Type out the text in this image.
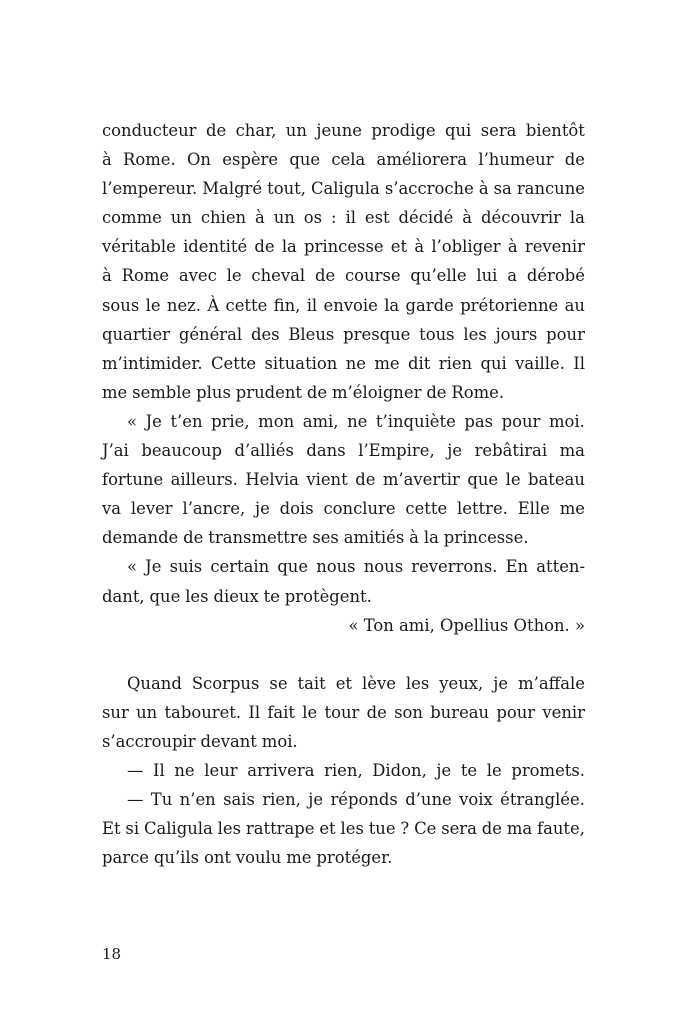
conducteur de char, un jeune prodige qui sera bientôt
à Rome. On espère que cela améliorera l’humeur de
l’empereur. Malgré tout, Caligula s’accroche à sa rancune
comme un chien à un os : il est décidé à découvrir la
véritable identité de la princesse et à l’obliger à revenir
à Rome avec le cheval de course qu’elle lui a dérobé
sous le nez. À cette fin, il envoie la garde prétorienne au
quartier général des Bleus presque tous les jours pour
m’intimider. Cette situation ne me dit rien qui vaille. Il
me semble plus prudent de m’éloigner de Rome.
« Je t’en prie, mon ami, ne t’inquiète pas pour moi.
J’ai beaucoup d’alliés dans l’Empire, je rebâtirai ma
fortune ailleurs. Helvia vient de m’avertir que le bateau
va lever l’ancre, je dois conclure cette lettre. Elle me
demande de transmettre ses amitiés à la princesse.
« Je suis certain que nous nous reverrons. En atten-
dant, que les dieux te protègent.
« Ton ami, Opellius Othon. »
Quand Scorpus se tait et lève les yeux, je m’affale
sur un tabouret. Il fait le tour de son bureau pour venir
s’accroupir devant moi.
— Il ne leur arrivera rien, Didon, je te le promets.
— Tu n’en sais rien, je réponds d’une voix étranglée.
Et si Caligula les rattrape et les tue ? Ce sera de ma faute,
parce qu’ils ont voulu me protéger.
18
